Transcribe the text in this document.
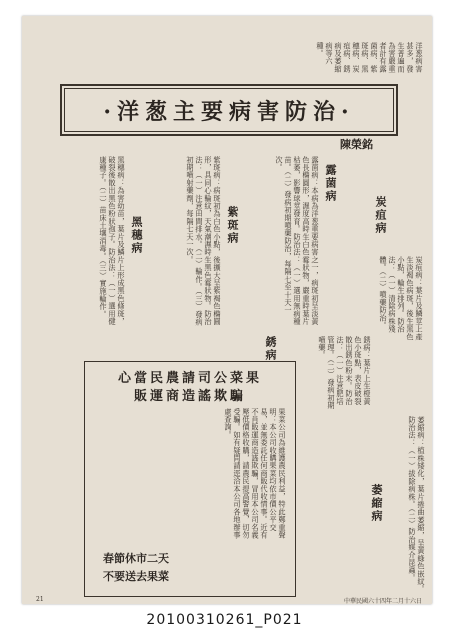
洋葱病害甚多，發生普遍而為害嚴重者計有露菌病、紫斑病、黑穗病、炭疽病、銹病及萎縮病等六種。
·洋葱主要病害防治·
陳榮銘
露菌病
露菌病：本病為洋葱重要病害之一，病斑初呈淡黃色長橢圓形，濕度高時生白色霉狀物，嚴重時葉片枯萎，影響球莖發育。防治法：（一）選用無病種苗。（二）發病初期噴藥防治，每隔七至十天一次。
紫斑病
紫斑病：病斑初為白色小點，後擴大呈紫褐色橢圓形，具同心輪紋，天氣潮濕時生黑色霉狀物。防治法：（一）注意田間排水。（二）輪作。（三）發病初期噴射藥劑，每隔七天一次。
黑穗病
黑穗病：為害幼苗，葉片及鱗片上形成黑色條斑，破裂後散出黑色粉狀孢子。防治法：（一）選用健康種子。（二）苗床土壤消毒。（三）實施輪作。	炭疽病
炭疽病：葉片及鱗莖上產生淡褐色病斑，後生黑色小點，輪生排列。防治法：（一）清除病株殘體。（二）噴藥防治。
銹病	銹病：葉片上生橙黃色小斑點，表皮破裂散出銹色粉末。防治法：（一）注意肥培管理。（二）發病初期噴藥。
萎縮病	萎縮病：植株矮化，葉片捲曲萎縮，呈黃綠色嵌紋。防治法：（一）拔除病株。（二）防治媒介昆蟲。
心當民農請司公菜果
販運商造謠欺騙
果菜公司為維護農民利益，特此鄭重聲明：本公司收購果菜均依市價公平交易，並無委託任何商販代收情事。近有不肖販運商造謠欺騙，冒用本公司名義壓低價格收購，請農民提高警覺，切勿受騙。如有疑問請逕洽本公司各地辦事處查詢。
春節休市二天
不要送去果菜
21	中華民國六十四年二月十六日
20100310261_P021
